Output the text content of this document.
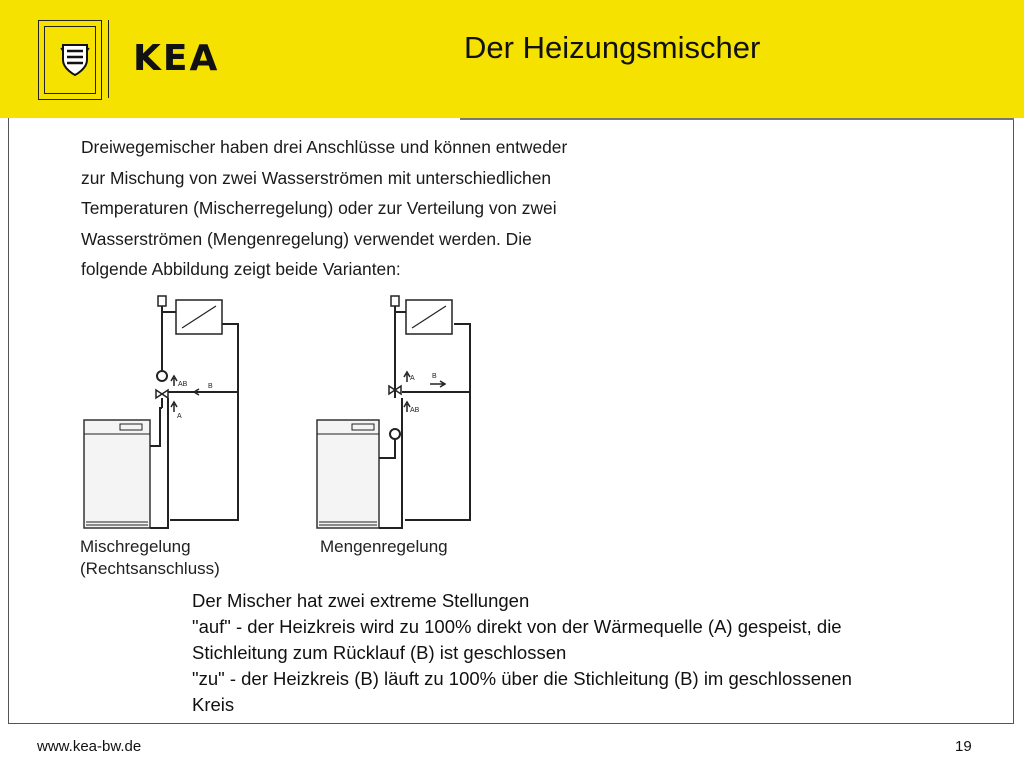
KEA	Der Heizungsmischer
Dreiwegemischer haben drei Anschlüsse und können entweder
zur Mischung von zwei Wasserströmen mit unterschiedlichen
Temperaturen (Mischerregelung) oder zur Verteilung von zwei
Wasserströmen (Mengenregelung) verwendet werden. Die
folgende Abbildung zeigt beide Varianten:
AB	B
A
A B
AB
Mischregelung
(Rechtsanschluss)
Mengenregelung
Der Mischer hat zwei extreme Stellungen
"auf" - der Heizkreis wird zu 100% direkt von der Wärmequelle (A) gespeist, die
Stichleitung zum Rücklauf (B) ist geschlossen
"zu" - der Heizkreis (B) läuft zu 100% über die Stichleitung (B) im geschlossenen
Kreis
www.kea-bw.de	19
